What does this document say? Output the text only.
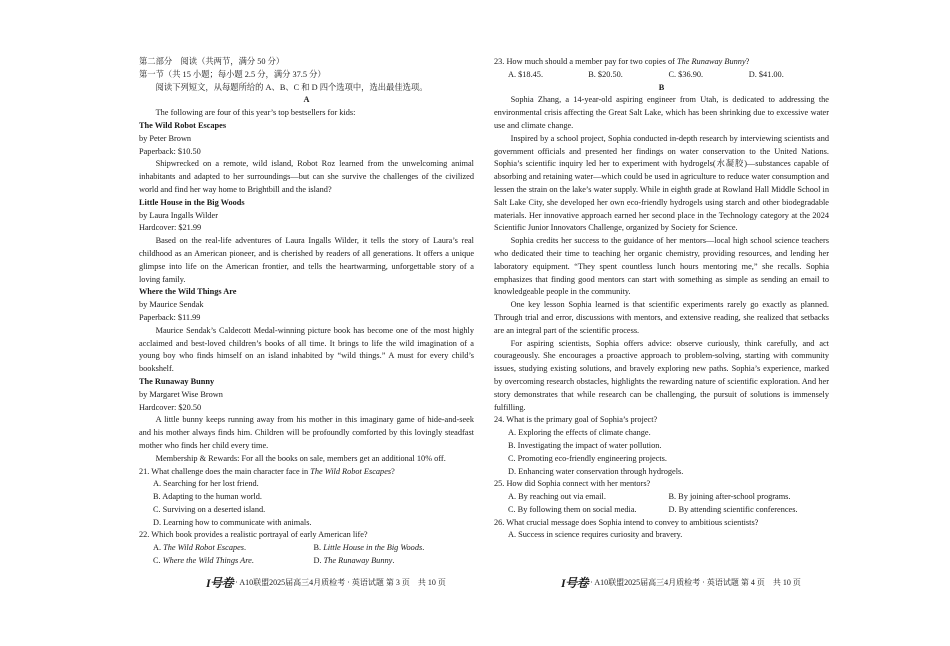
第二部分　阅读（共两节，满分 50 分）

第一节（共 15 小题；每小题 2.5 分，满分 37.5 分）

阅读下列短文，从每题所给的 A、B、C 和 D 四个选项中，选出最佳选项。

A

The following are four of this year’s top bestsellers for kids:

The Wild Robot Escapes

by Peter Brown

Paperback: $10.50

Shipwrecked on a remote, wild island, Robot Roz learned from the unwelcoming animal inhabitants and adapted to her surroundings—but can she survive the challenges of the civilized world and find her way home to Brightbill and the island?

Little House in the Big Woods

by Laura Ingalls Wilder

Hardcover: $21.99

Based on the real-life adventures of Laura Ingalls Wilder, it tells the story of Laura’s real childhood as an American pioneer, and is cherished by readers of all generations. It offers a unique glimpse into life on the American frontier, and tells the heartwarming, unforgettable story of a loving family.

Where the Wild Things Are

by Maurice Sendak

Paperback: $11.99

Maurice Sendak’s Caldecott Medal-winning picture book has become one of the most highly acclaimed and best-loved children’s books of all time. It brings to life the wild imagination of a young boy who finds himself on an island inhabited by “wild things.” A must for every child’s bookshelf.

The Runaway Bunny

by Margaret Wise Brown

Hardcover: $20.50

A little bunny keeps running away from his mother in this imaginary game of hide-and-seek and his mother always finds him. Children will be profoundly comforted by this lovingly steadfast mother who finds her child every time.

Membership & Rewards: For all the books on sale, members get an additional 10% off.

21. What challenge does the main character face in The Wild Robot Escapes?

A. Searching for her lost friend.

B. Adapting to the human world.

C. Surviving on a deserted island.

D. Learning how to communicate with animals.

22. Which book provides a realistic portrayal of early American life?

A. The Wild Robot Escapes.	B. Little House in the Big Woods.
C. Where the Wild Things Are.	D. The Runaway Bunny.

23. How much should a member pay for two copies of The Runaway Bunny?

A. $18.45.	B. $20.50.	C. $36.90.	D. $41.00.

B

Sophia Zhang, a 14-year-old aspiring engineer from Utah, is dedicated to addressing the environmental crisis affecting the Great Salt Lake, which has been shrinking due to excessive water use and climate change.

Inspired by a school project, Sophia conducted in-depth research by interviewing scientists and government officials and presented her findings on water conservation to the United Nations. Sophia’s scientific inquiry led her to experiment with hydrogels(水凝胶)—substances capable of absorbing and retaining water—which could be used in agriculture to reduce water consumption and lessen the strain on the lake’s water supply. While in eighth grade at Rowland Hall Middle School in Salt Lake City, she developed her own eco-friendly hydrogels using starch and other biodegradable materials. Her innovative approach earned her second place in the Technology category at the 2024 Scientific Junior Innovators Challenge, organized by Society for Science.

Sophia credits her success to the guidance of her mentors—local high school science teachers who dedicated their time to teaching her organic chemistry, providing resources, and lending her laboratory equipment. “They spent countless lunch hours mentoring me,” she recalls. Sophia emphasizes that finding good mentors can start with something as simple as sending an email to knowledgeable people in the community.

One key lesson Sophia learned is that scientific experiments rarely go exactly as planned. Through trial and error, discussions with mentors, and extensive reading, she realized that setbacks are an integral part of the scientific process.

For aspiring scientists, Sophia offers advice: observe curiously, think carefully, and act courageously. She encourages a proactive approach to problem-solving, starting with community issues, studying existing solutions, and bravely exploring new paths. Sophia’s experience, marked by overcoming research obstacles, highlights the rewarding nature of scientific exploration. And her story demonstrates that while research can be challenging, the pursuit of solutions is immensely fulfilling.

24. What is the primary goal of Sophia’s project?

A. Exploring the effects of climate change.

B. Investigating the impact of water pollution.

C. Promoting eco-friendly engineering projects.

D. Enhancing water conservation through hydrogels.

25. How did Sophia connect with her mentors?

A. By reaching out via email.	B. By joining after-school programs.
C. By following them on social media.	D. By attending scientific conferences.

26. What crucial message does Sophia intend to convey to ambitious scientists?

A. Success in science requires curiosity and bravery.

I号卷 · A10联盟2025届高三4月质检考 · 英语试题 第 3 页　共 10 页	I号卷 · A10联盟2025届高三4月质检考 · 英语试题 第 4 页　共 10 页
